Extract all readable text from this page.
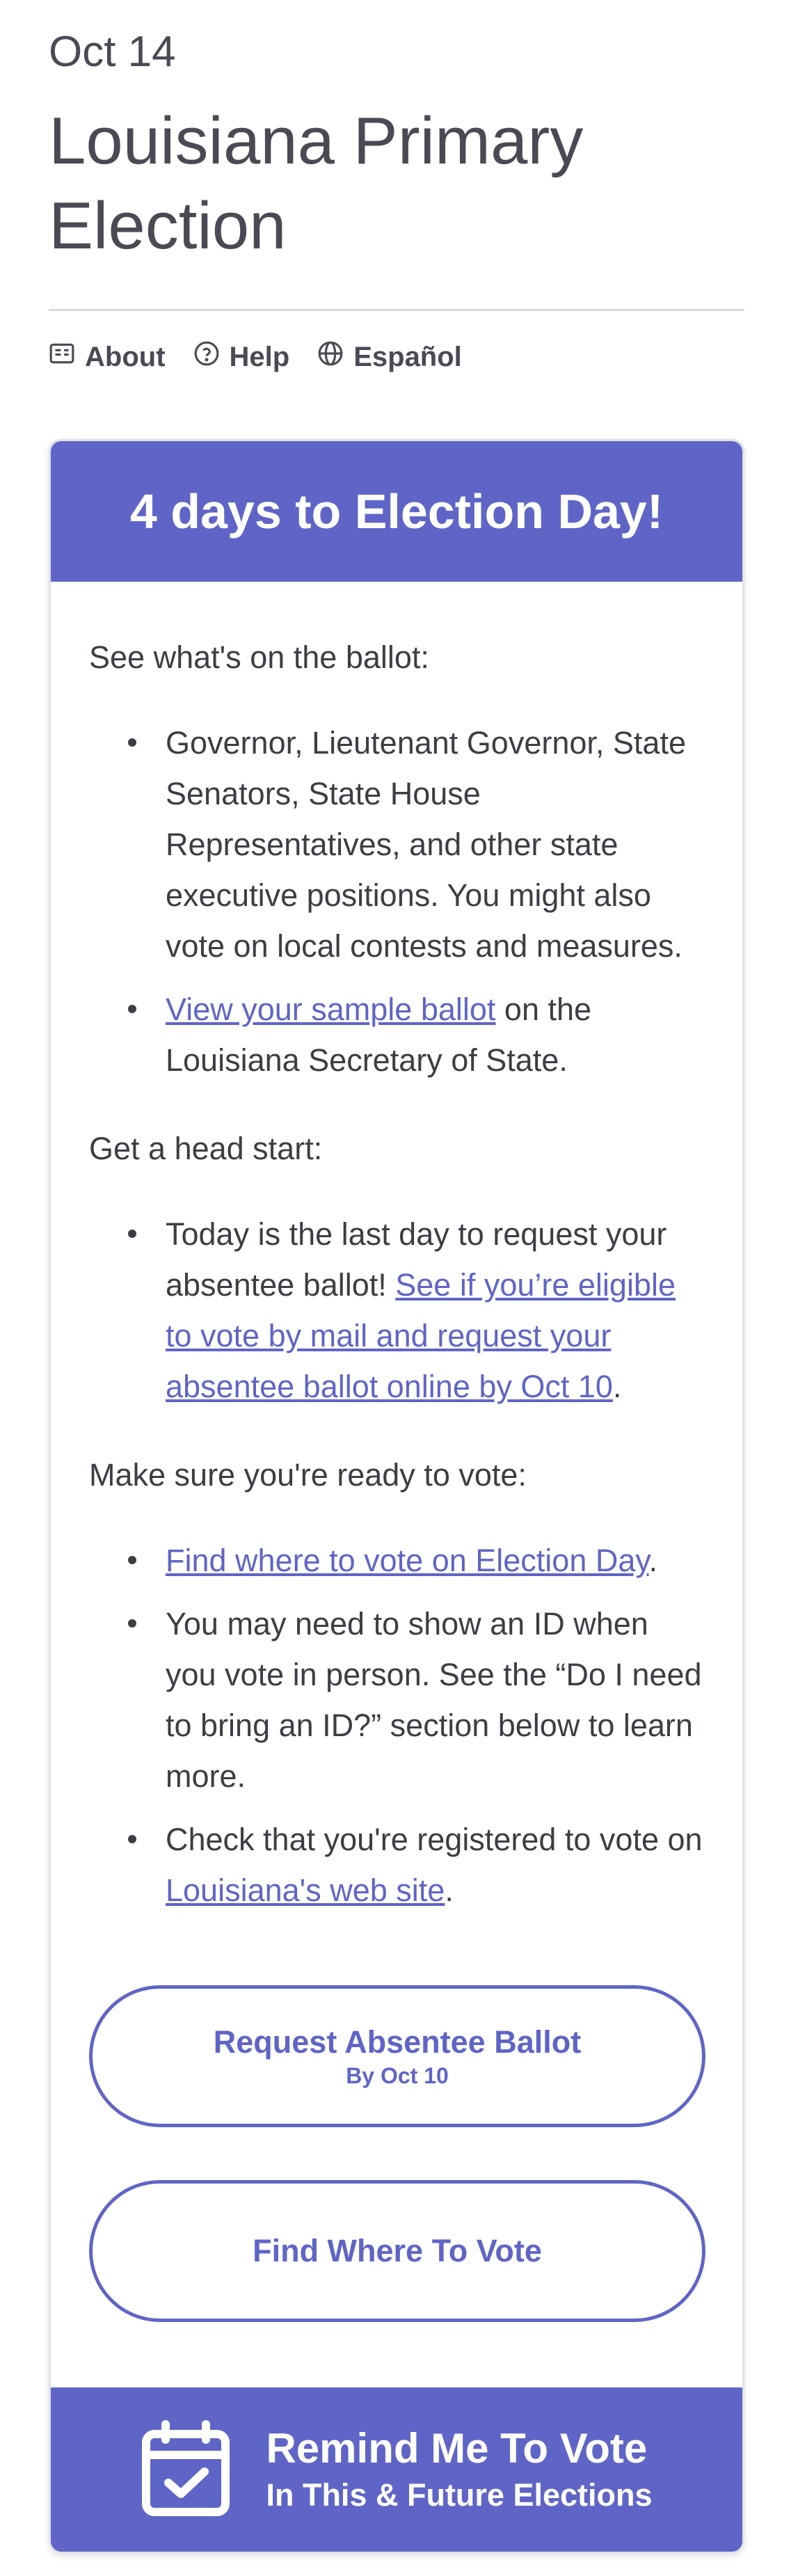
Oct 14
Louisiana Primary Election
About Help Español
4 days to Election Day!

See what's on the ballot:

Governor, Lieutenant Governor, State Senators, State House Representatives, and other state executive positions. You might also vote on local contests and measures.
View your sample ballot on the Louisiana Secretary of State.

Get a head start:

Today is the last day to request your absentee ballot! See if you’re eligible to vote by mail and request your absentee ballot online by Oct 10.

Make sure you're ready to vote:

Find where to vote on Election Day.
You may need to show an ID when you vote in person. See the “Do I need to bring an ID?” section below to learn more.
Check that you're registered to vote on Louisiana's web site.
Request Absentee Ballot
By Oct 10
Find Where To Vote
Remind Me To Vote
In This & Future Elections
